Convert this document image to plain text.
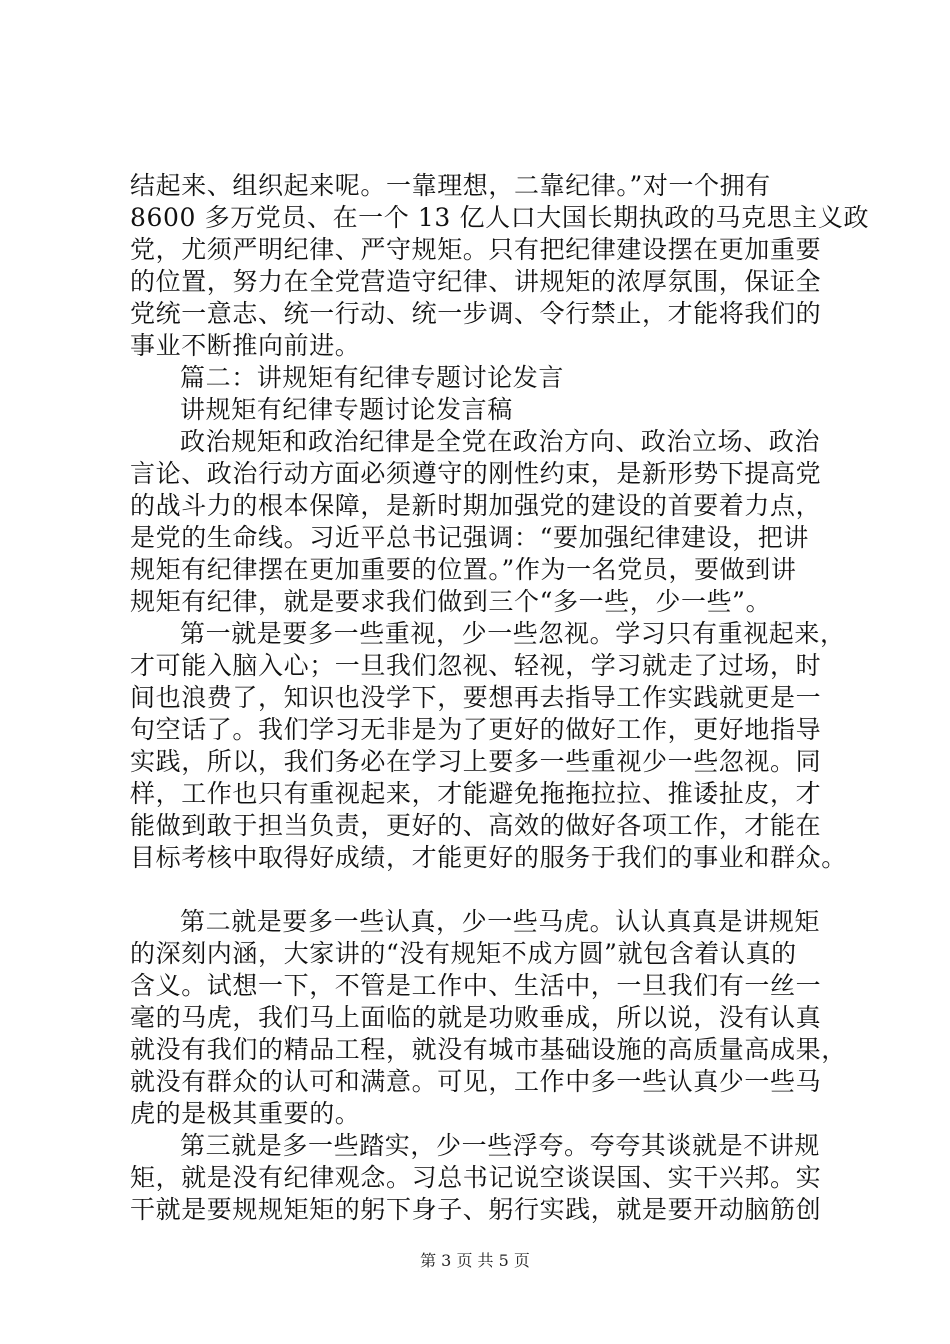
结起来、组织起来呢。一靠理想，二靠纪律。”对一个拥有
8600 多万党员、在一个 13 亿人口大国长期执政的马克思主义政
党，尤须严明纪律、严守规矩。只有把纪律建设摆在更加重要
的位置，努力在全党营造守纪律、讲规矩的浓厚氛围，保证全
党统一意志、统一行动、统一步调、令行禁止，才能将我们的
事业不断推向前进。
篇二：讲规矩有纪律专题讨论发言
讲规矩有纪律专题讨论发言稿
政治规矩和政治纪律是全党在政治方向、政治立场、政治
言论、政治行动方面必须遵守的刚性约束，是新形势下提高党
的战斗力的根本保障，是新时期加强党的建设的首要着力点，
是党的生命线。习近平总书记强调：“要加强纪律建设，把讲
规矩有纪律摆在更加重要的位置。”作为一名党员，要做到讲
规矩有纪律，就是要求我们做到三个“多一些，少一些”。
第一就是要多一些重视，少一些忽视。学习只有重视起来，
才可能入脑入心；一旦我们忽视、轻视，学习就走了过场，时
间也浪费了，知识也没学下，要想再去指导工作实践就更是一
句空话了。我们学习无非是为了更好的做好工作，更好地指导
实践，所以，我们务必在学习上要多一些重视少一些忽视。同
样，工作也只有重视起来，才能避免拖拖拉拉、推诿扯皮，才
能做到敢于担当负责，更好的、高效的做好各项工作，才能在
目标考核中取得好成绩，才能更好的服务于我们的事业和群众。
第二就是要多一些认真，少一些马虎。认认真真是讲规矩
的深刻内涵，大家讲的“没有规矩不成方圆”就包含着认真的
含义。试想一下，不管是工作中、生活中，一旦我们有一丝一
毫的马虎，我们马上面临的就是功败垂成，所以说，没有认真
就没有我们的精品工程，就没有城市基础设施的高质量高成果，
就没有群众的认可和满意。可见，工作中多一些认真少一些马
虎的是极其重要的。
第三就是多一些踏实，少一些浮夸。夸夸其谈就是不讲规
矩，就是没有纪律观念。习总书记说空谈误国、实干兴邦。实
干就是要规规矩矩的躬下身子、躬行实践，就是要开动脑筋创
第 3 页 共 5 页
